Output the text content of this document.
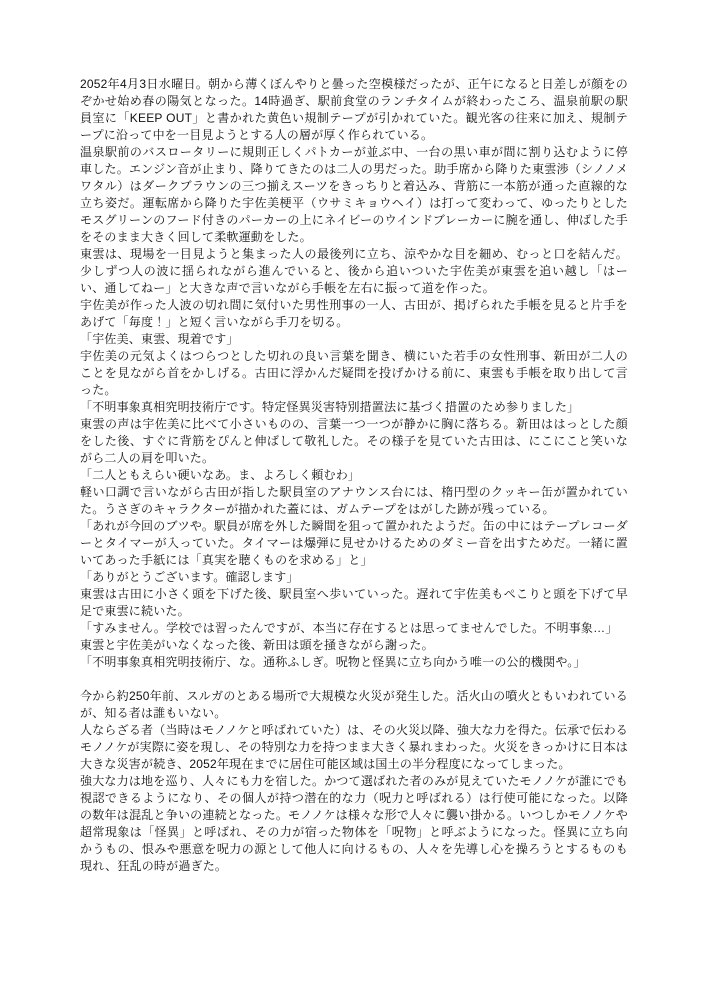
2052年4月3日水曜日。朝から薄くぼんやりと曇った空模様だったが、正午になると日差しが顔をのぞかせ始め春の陽気となった。14時過ぎ、駅前食堂のランチタイムが終わったころ、温泉前駅の駅員室に「KEEP OUT」と書かれた黄色い規制テープが引かれていた。観光客の往来に加え、規制テープに沿って中を一目見ようとする人の層が厚く作られている。

温泉駅前のバスロータリーに規則正しくパトカーが並ぶ中、一台の黒い車が間に割り込むように停車した。エンジン音が止まり、降りてきたのは二人の男だった。助手席から降りた東雲渉（シノノメワタル）はダークブラウンの三つ揃えスーツをきっちりと着込み、背筋に一本筋が通った直線的な立ち姿だ。運転席から降りた宇佐美梗平（ウサミキョウヘイ）は打って変わって、ゆったりとしたモスグリーンのフード付きのパーカーの上にネイビーのウインドブレーカーに腕を通し、伸ばした手をそのまま大きく回して柔軟運動をした。

東雲は、現場を一目見ようと集まった人の最後列に立ち、涼やかな目を細め、むっと口を結んだ。少しずつ人の波に揺られながら進んでいると、後から追いついた宇佐美が東雲を追い越し「はーい、通してねー」と大きな声で言いながら手帳を左右に振って道を作った。

宇佐美が作った人波の切れ間に気付いた男性刑事の一人、古田が、掲げられた手帳を見ると片手をあげて「毎度！」と短く言いながら手刀を切る。

「宇佐美、東雲、現着です」

宇佐美の元気よくはつらつとした切れの良い言葉を聞き、横にいた若手の女性刑事、新田が二人のことを見ながら首をかしげる。古田に浮かんだ疑問を投げかける前に、東雲も手帳を取り出して言った。

「不明事象真相究明技術庁です。特定怪異災害特別措置法に基づく措置のため参りました」

東雲の声は宇佐美に比べて小さいものの、言葉一つ一つが静かに胸に落ちる。新田ははっとした顔をした後、すぐに背筋をぴんと伸ばして敬礼した。その様子を見ていた古田は、にこにこと笑いながら二人の肩を叩いた。

「二人ともえらい硬いなあ。ま、よろしく頼むわ」

軽い口調で言いながら古田が指した駅員室のアナウンス台には、楕円型のクッキー缶が置かれていた。うさぎのキャラクターが描かれた蓋には、ガムテープをはがした跡が残っている。

「あれが今回のブツや。駅員が席を外した瞬間を狙って置かれたようだ。缶の中にはテープレコーダーとタイマーが入っていた。タイマーは爆弾に見せかけるためのダミー音を出すためだ。一緒に置いてあった手紙には「真実を聴くものを求める」と」

「ありがとうございます。確認します」

東雲は古田に小さく頭を下げた後、駅員室へ歩いていった。遅れて宇佐美もぺこりと頭を下げて早足で東雲に続いた。

「すみません。学校では習ったんですが、本当に存在するとは思ってませんでした。不明事象…」

東雲と宇佐美がいなくなった後、新田は頭を掻きながら謝った。

「不明事象真相究明技術庁、な。通称ふしぎ。呪物と怪異に立ち向かう唯一の公的機関や。」

今から約250年前、スルガのとある場所で大規模な火災が発生した。活火山の噴火ともいわれているが、知る者は誰もいない。

人ならざる者（当時はモノノケと呼ばれていた）は、その火災以降、強大な力を得た。伝承で伝わるモノノケが実際に姿を現し、その特別な力を持つまま大きく暴れまわった。火災をきっかけに日本は大きな災害が続き、2052年現在までに居住可能区域は国土の半分程度になってしまった。

強大な力は地を巡り、人々にも力を宿した。かつて選ばれた者のみが見えていたモノノケが誰にでも視認できるようになり、その個人が持つ潜在的な力（呪力と呼ばれる）は行使可能になった。以降の数年は混乱と争いの連続となった。モノノケは様々な形で人々に襲い掛かる。いつしかモノノケや超常現象は「怪異」と呼ばれ、その力が宿った物体を「呪物」と呼ぶようになった。怪異に立ち向かうもの、恨みや悪意を呪力の源として他人に向けるもの、人々を先導し心を操ろうとするものも現れ、狂乱の時が過ぎた。
